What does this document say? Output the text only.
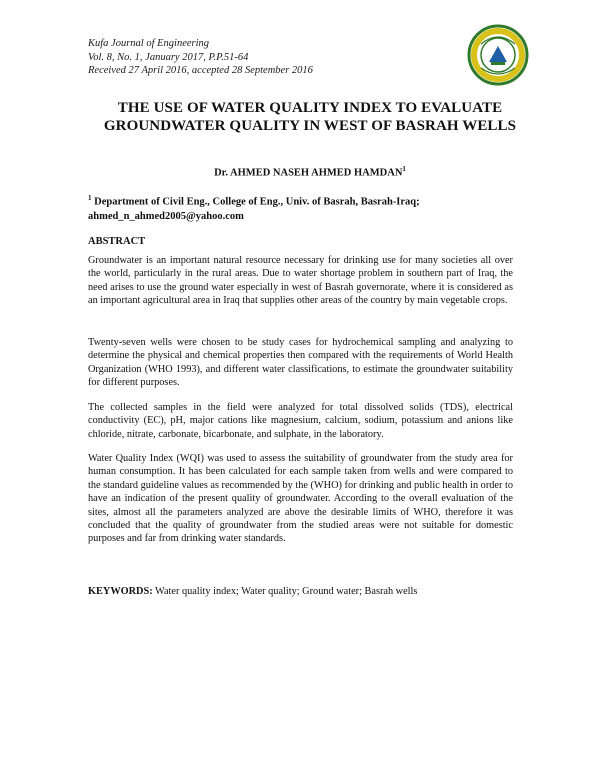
Kufa Journal of Engineering
Vol. 8, No. 1, January 2017, P.P.51-64
Received 27 April 2016, accepted 28 September 2016
THE USE OF WATER QUALITY INDEX TO EVALUATE GROUNDWATER QUALITY IN WEST OF BASRAH WELLS
Dr. AHMED NASEH AHMED HAMDAN$^1$
$^1$ Department of Civil Eng., College of Eng., Univ. of Basrah, Basrah-Iraq;
ahmed_n_ahmed2005@yahoo.com
ABSTRACT
Groundwater is an important natural resource necessary for drinking use for many societies all over the world, particularly in the rural areas. Due to water shortage problem in southern part of Iraq, the need arises to use the ground water especially in west of Basrah governorate, where it is considered as an important agricultural area in Iraq that supplies other areas of the country by main vegetable crops.
Twenty-seven wells were chosen to be study cases for hydrochemical sampling and analyzing to determine the physical and chemical properties then compared with the requirements of World Health Organization (WHO 1993), and different water classifications, to estimate the groundwater suitability for different purposes.
The collected samples in the field were analyzed for total dissolved solids (TDS), electrical conductivity (EC), pH, major cations like magnesium, calcium, sodium, potassium and anions like chloride, nitrate, carbonate, bicarbonate, and sulphate, in the laboratory.
Water Quality Index (WQI) was used to assess the suitability of groundwater from the study area for human consumption. It has been calculated for each sample taken from wells and were compared to the standard guideline values as recommended by the (WHO) for drinking and public health in order to have an indication of the present quality of groundwater. According to the overall evaluation of the sites, almost all the parameters analyzed are above the desirable limits of WHO, therefore it was concluded that the quality of groundwater from the studied areas were not suitable for domestic purposes and far from drinking water standards.
KEYWORDS: Water quality index; Water quality; Ground water; Basrah wells
